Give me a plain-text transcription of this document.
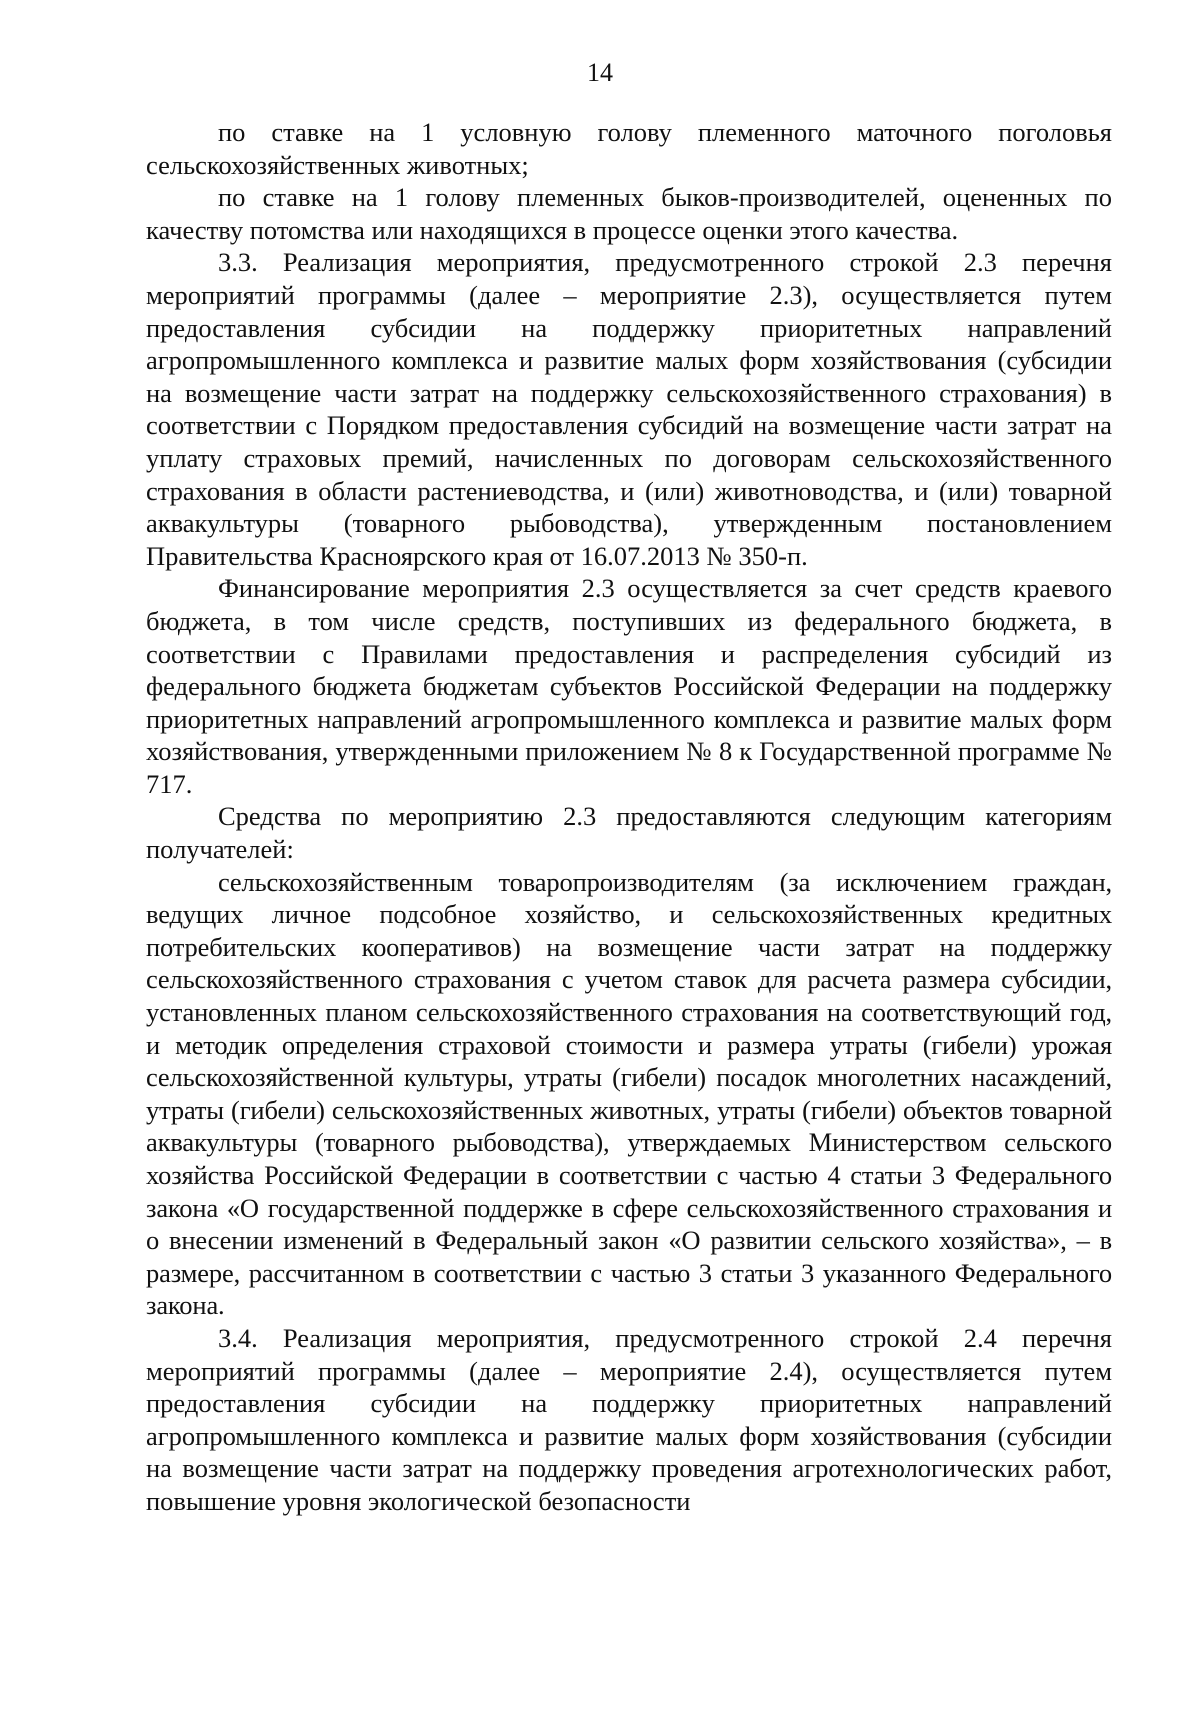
14

по ставке на 1 условную голову племенного маточного поголовья сельскохозяйственных животных;

по ставке на 1 голову племенных быков-производителей, оцененных по качеству потомства или находящихся в процессе оценки этого качества.

3.3. Реализация мероприятия, предусмотренного строкой 2.3 перечня мероприятий программы (далее – мероприятие 2.3), осуществляется путем предоставления субсидии на поддержку приоритетных направлений агропромышленного комплекса и развитие малых форм хозяйствования (субсидии на возмещение части затрат на поддержку сельскохозяйственного страхования) в соответствии с Порядком предоставления субсидий на возмещение части затрат на уплату страховых премий, начисленных по договорам сельскохозяйственного страхования в области растениеводства, и (или) животноводства, и (или) товарной аквакультуры (товарного рыбоводства), утвержденным постановлением Правительства Красноярского края от 16.07.2013 № 350-п.

Финансирование мероприятия 2.3 осуществляется за счет средств краевого бюджета, в том числе средств, поступивших из федерального бюджета, в соответствии с Правилами предоставления и распределения субсидий из федерального бюджета бюджетам субъектов Российской Федерации на поддержку приоритетных направлений агропромышленного комплекса и развитие малых форм хозяйствования, утвержденными приложением № 8 к Государственной программе № 717.

Средства по мероприятию 2.3 предоставляются следующим категориям получателей:

сельскохозяйственным товаропроизводителям (за исключением граждан, ведущих личное подсобное хозяйство, и сельскохозяйственных кредитных потребительских кооперативов) на возмещение части затрат на поддержку сельскохозяйственного страхования с учетом ставок для расчета размера субсидии, установленных планом сельскохозяйственного страхования на соответствующий год, и методик определения страховой стоимости и размера утраты (гибели) урожая сельскохозяйственной культуры, утраты (гибели) посадок многолетних насаждений, утраты (гибели) сельскохозяйственных животных, утраты (гибели) объектов товарной аквакультуры (товарного рыбоводства), утверждаемых Министерством сельского хозяйства Российской Федерации в соответствии с частью 4 статьи 3 Федерального закона «О государственной поддержке в сфере сельскохозяйственного страхования и о внесении изменений в Федеральный закон «О развитии сельского хозяйства», – в размере, рассчитанном в соответствии с частью 3 статьи 3 указанного Федерального закона.

3.4. Реализация мероприятия, предусмотренного строкой 2.4 перечня мероприятий программы (далее – мероприятие 2.4), осуществляется путем предоставления субсидии на поддержку приоритетных направлений агропромышленного комплекса и развитие малых форм хозяйствования (субсидии на возмещение части затрат на поддержку проведения агротехнологических работ, повышение уровня экологической безопасности
